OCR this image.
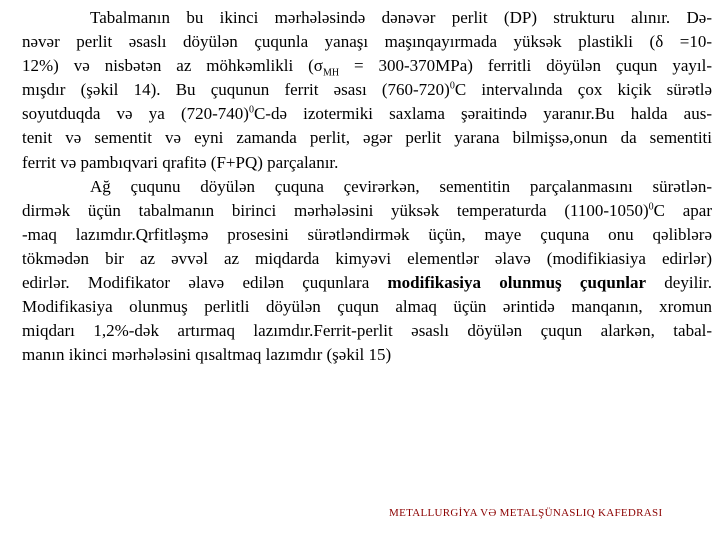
Tabalmanın bu ikinci mərhələsində dənəvər perlit (DP) strukturu alınır. Də-
nəvər perlit əsaslı döyülən çuqunla yanaşı maşınqayırmada yüksək plastikli (δ =10-
12%) və nisbətən az möhkəmlikli $(\sigma_{MH} = 300-370MPa)$ ferritli döyülən çuqun yayıl-
mışdır (şəkil 14). Bu çuqunun ferrit əsası $(760-720)^0C$ intervalında çox kiçik sürətlə
soyutduqda və ya $(720-740)^0C-də$ izotermiki saxlama şəraitində yaranır.Bu halda aus-
tenit və sementit və eyni zamanda perlit, əgər perlit yarana bilmişsə,onun da sementiti
ferrit və pambıqvari qrafitə (F+PQ) parçalanır.
Ağ çuqunu döyülən çuquna çevirərkən, sementitin parçalanmasını sürətlən-
dirmək üçün tabalmanın birinci mərhələsini yüksək temperaturda (1100-1050)$^0$C apar
-maq lazımdır.Qrfitləşmə prosesini sürətləndirmək üçün, maye çuquna onu qəliblərə
tökmədən bir az əvvəl az miqdarda kimyəvi elementlər əlavə (modifikiasiya edirlər)
edirlər. Modifikator əlavə edilən çuqunlara modifikasiya olunmuş çuqunlar deyilir.
Modifikasiya olunmuş perlitli döyülən çuqun almaq üçün ərintidə manqanın, xromun
miqdarı 1,2%-dək artırmaq lazımdır.Ferrit-perlit əsaslı döyülən çuqun alarkən, tabal-
manın ikinci mərhələsini qısaltmaq lazımdır (şəkil 15)
METALLURGİYA VƏ METALŞÜNASLIQ KAFEDRASI
